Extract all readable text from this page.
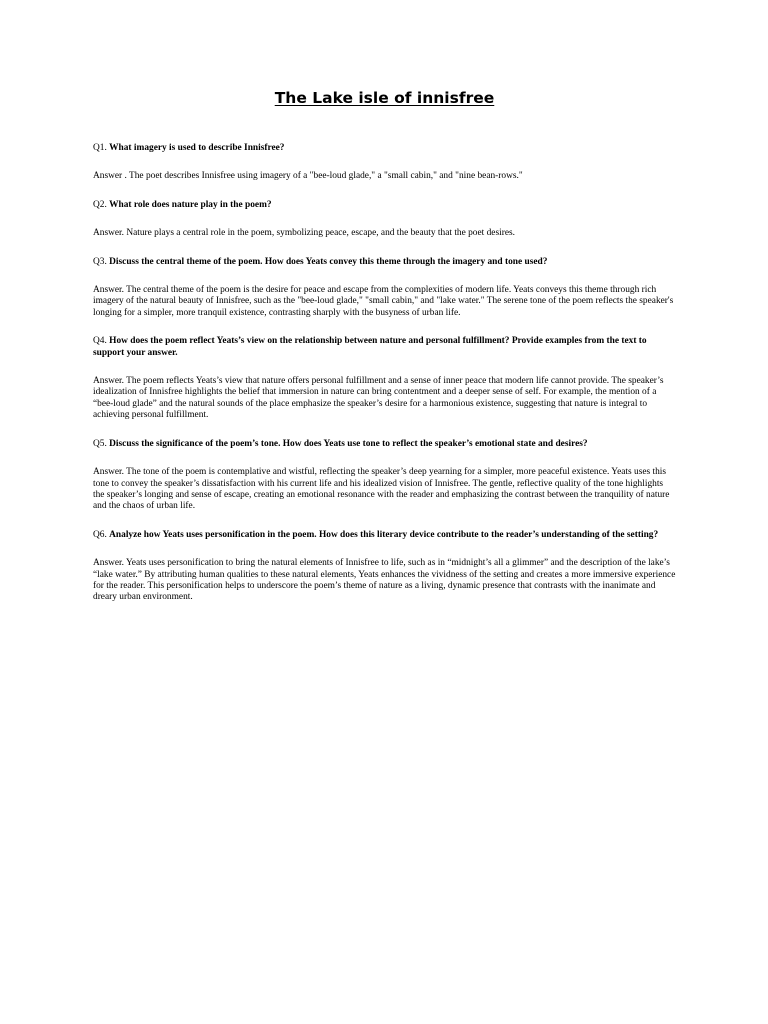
The Lake isle of innisfree

Q1. What imagery is used to describe Innisfree?

Answer . The poet describes Innisfree using imagery of a "bee-loud glade," a "small cabin," and "nine bean-rows."

Q2. What role does nature play in the poem?

Answer. Nature plays a central role in the poem, symbolizing peace, escape, and the beauty that the poet desires.

Q3. Discuss the central theme of the poem. How does Yeats convey this theme through the imagery and tone used?

Answer. The central theme of the poem is the desire for peace and escape from the complexities of modern life. Yeats conveys this theme through rich imagery of the natural beauty of Innisfree, such as the "bee-loud glade," "small cabin," and "lake water." The serene tone of the poem reflects the speaker's longing for a simpler, more tranquil existence, contrasting sharply with the busyness of urban life.

Q4. How does the poem reflect Yeats’s view on the relationship between nature and personal fulfillment? Provide examples from the text to support your answer.

Answer. The poem reflects Yeats’s view that nature offers personal fulfillment and a sense of inner peace that modern life cannot provide. The speaker’s idealization of Innisfree highlights the belief that immersion in nature can bring contentment and a deeper sense of self. For example, the mention of a “bee-loud glade” and the natural sounds of the place emphasize the speaker’s desire for a harmonious existence, suggesting that nature is integral to achieving personal fulfillment.

Q5. Discuss the significance of the poem’s tone. How does Yeats use tone to reflect the speaker’s emotional state and desires?

Answer. The tone of the poem is contemplative and wistful, reflecting the speaker’s deep yearning for a simpler, more peaceful existence. Yeats uses this tone to convey the speaker’s dissatisfaction with his current life and his idealized vision of Innisfree. The gentle, reflective quality of the tone highlights the speaker’s longing and sense of escape, creating an emotional resonance with the reader and emphasizing the contrast between the tranquility of nature and the chaos of urban life.

Q6. Analyze how Yeats uses personification in the poem. How does this literary device contribute to the reader’s understanding of the setting?

Answer. Yeats uses personification to bring the natural elements of Innisfree to life, such as in “midnight’s all a glimmer” and the description of the lake’s “lake water.” By attributing human qualities to these natural elements, Yeats enhances the vividness of the setting and creates a more immersive experience for the reader. This personification helps to underscore the poem’s theme of nature as a living, dynamic presence that contrasts with the inanimate and dreary urban environment.
